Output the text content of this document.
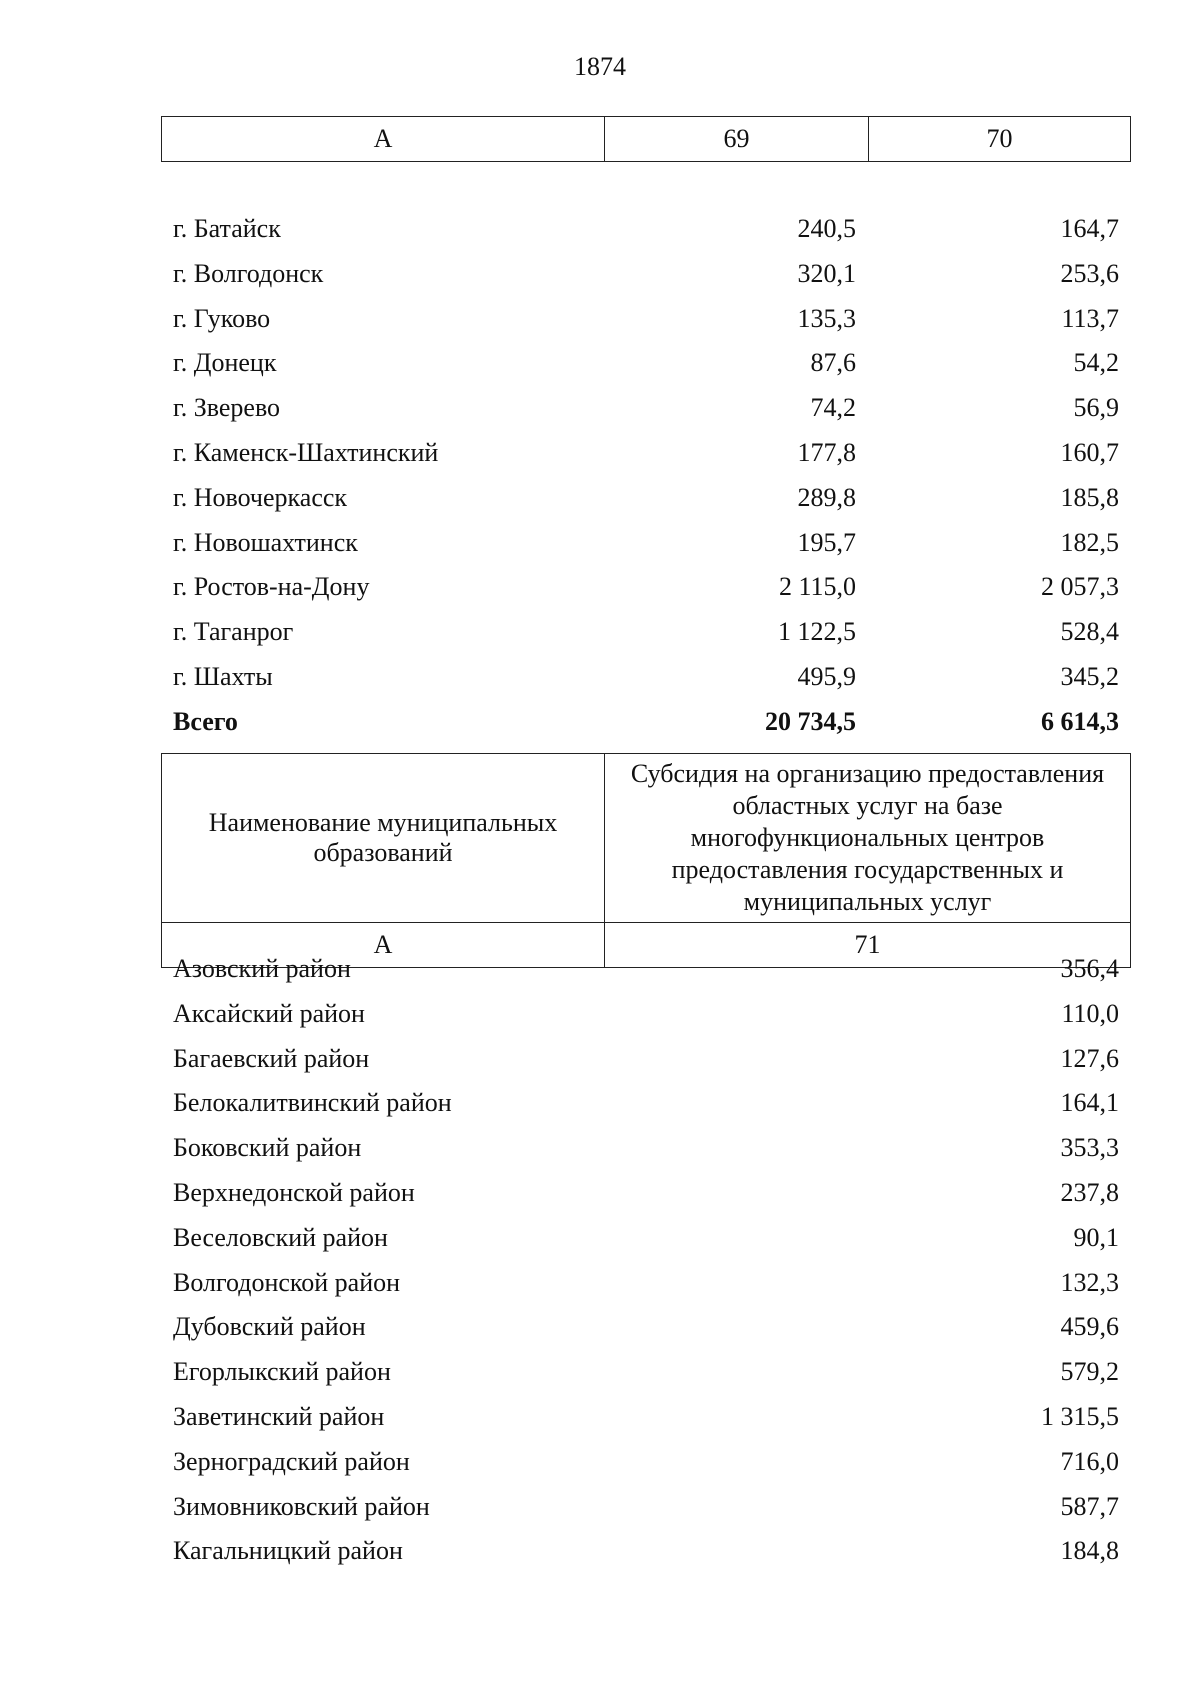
1874
А	69	70
г. Батайск	240,5	164,7
г. Волгодонск	320,1	253,6
г. Гуково	135,3	113,7
г. Донецк	87,6	54,2
г. Зверево	74,2	56,9
г. Каменск-Шахтинский	177,8	160,7
г. Новочеркасск	289,8	185,8
г. Новошахтинск	195,7	182,5
г. Ростов-на-Дону	2 115,0	2 057,3
г. Таганрог	1 122,5	528,4
г. Шахты	495,9	345,2
Всего	20 734,5	6 614,3
Наименование муниципальных образований	Субсидия на организацию предоставления областных услуг на базе многофункциональных центров предоставления государственных и муниципальных услуг
А	71
Азовский район	356,4
Аксайский район	110,0
Багаевский район	127,6
Белокалитвинский район	164,1
Боковский район	353,3
Верхнедонской район	237,8
Веселовский район	90,1
Волгодонской район	132,3
Дубовский район	459,6
Егорлыкский район	579,2
Заветинский район	1 315,5
Зерноградский район	716,0
Зимовниковский район	587,7
Кагальницкий район	184,8
